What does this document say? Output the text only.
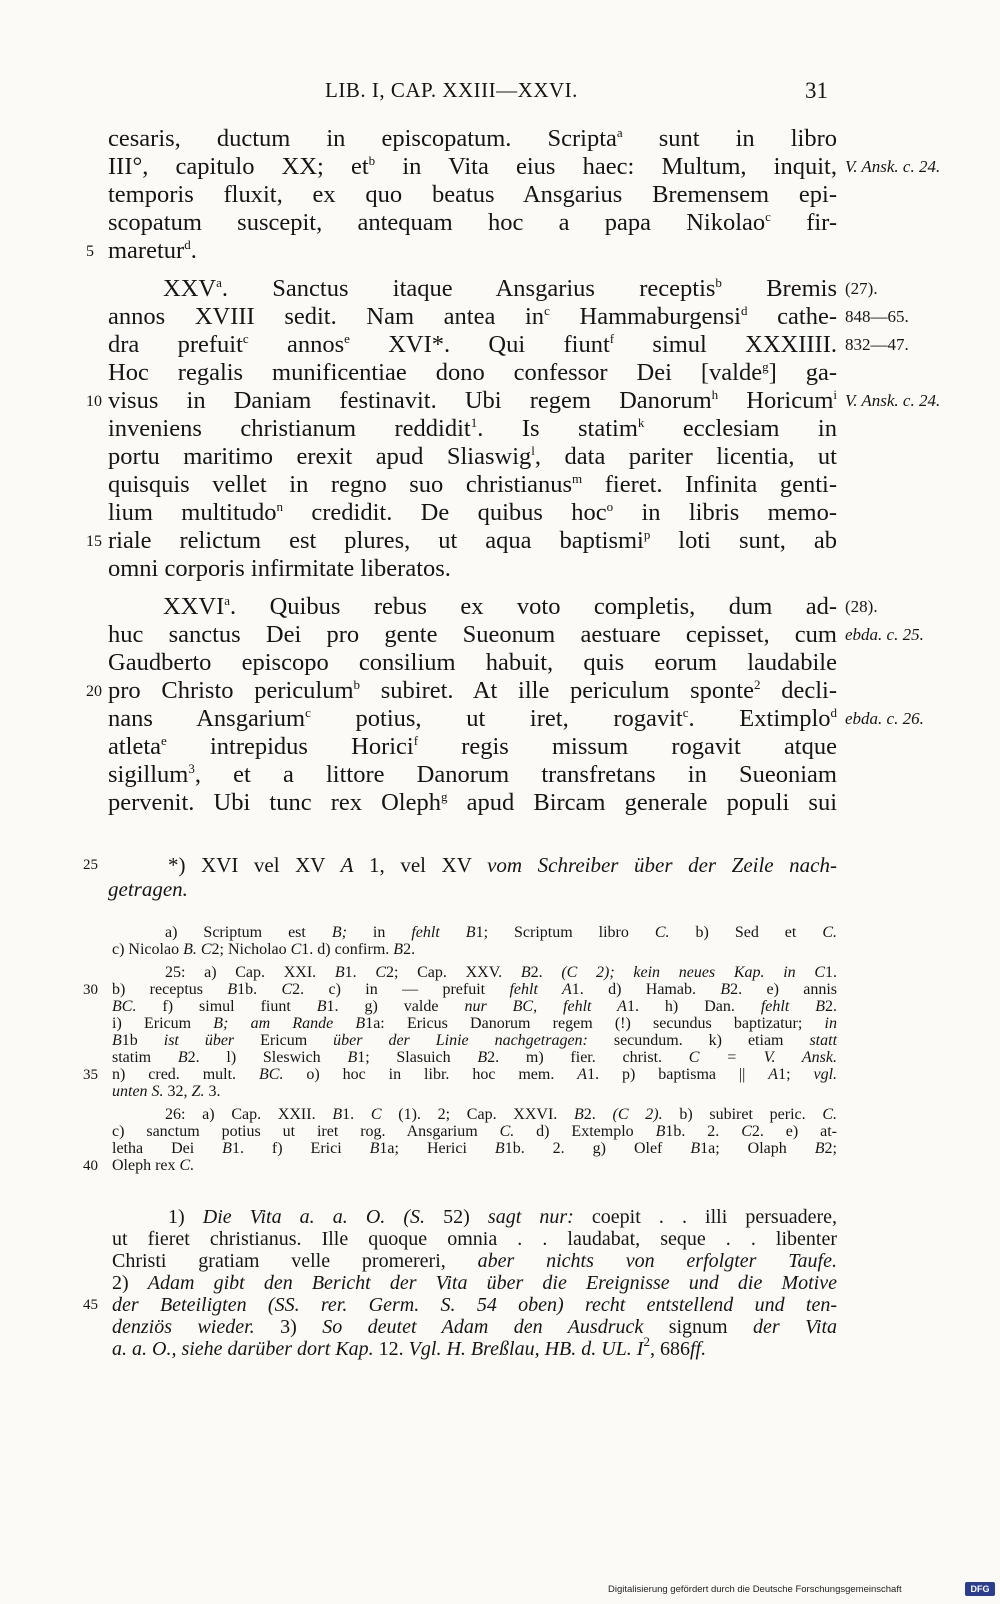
LIB. I, CAP. XXIII—XXVI.	31
cesaris, ductum in episcopatum. Scripta$^a$ sunt in libro
III°, capitulo XX; $et^b$ in Vita eius haec: Multum, inquit, V. Ansk. c. 24.
temporis fluxit, ex quo beatus Ansgarius Bremensem epi-
scopatum suscepit, antequam hoc a papa Nikolao$^c$ fir-
maretur$^d$.
5
XXV$^a$. Sanctus itaque Ansgarius receptis$^b$ Bremis (27).
annos XVIII sedit. Nam antea $in^c$ Hammaburgensi$^d$ cathe- 848—65.
dra prefuit$^c$ annos$^e$ XVI*. Qui fiunt$^f$ simul XXXIIII. 832—47.
Hoc regalis munificentiae dono confessor Dei [valde$^g$] ga-
visus in Daniam festinavit. Ubi regem Danorum$^h$ Horicum$^i$
10	V. Ansk. c. 24.
inveniens christianum reddidit$^1$. Is statim$^k$ ecclesiam in
portu maritimo erexit apud Sliaswig$^l$, data pariter licentia, ut
quisquis vellet in regno suo christianus$^m$ fieret. Infinita genti-
lium multitudo$^n$ credidit. De quibus hoc$^o$ in libris memo-
riale relictum est plures, ut aqua baptismi$^p$ loti sunt, ab
15
omni corporis infirmitate liberatos.
XXVI$^a$. Quibus rebus ex voto completis, dum ad- (28).
huc sanctus Dei pro gente Sueonum aestuare cepisset, cum ebda. c. 25.
Gaudberto episcopo consilium habuit, quis eorum laudabile
pro Christo periculum$^b$ subiret. At ille periculum sponte$^2$ decli-
20
nans Ansgarium$^c$ potius, ut iret, rogavit$^c$. Extimplo$^d$ ebda. c. 26.
atleta$^e$ intrepidus Horici$^f$ regis missum rogavit atque
sigillum$^3$, et a littore Danorum transfretans in Sueoniam
pervenit. Ubi tunc rex Oleph$^g$ apud Bircam generale populi sui
*) XVI vel XV A 1, vel XV vom Schreiber über der Zeile nach-
25
getragen.
a) Scriptum est B; in fehlt B1; Scriptum libro C. b) Sed et C.
c) Nicolao B. C2; Nicholao C1. d) confirm. B2.
25: a) Cap. XXI. B1. C2; Cap. XXV. B2. (C 2); kein neues Kap. in C1.
b) receptus B1b. C2. c) in — prefuit fehlt A1. d) Hamab. B2. e) annis
30
BC. f) simul fiunt B1. g) valde nur BC, fehlt A1. h) Dan. fehlt B2.
i) Ericum B; am Rande B1a: Ericus Danorum regem (!) secundus baptizatur; in
B1b ist über Ericum über der Linie nachgetragen: secundum. k) etiam statt
statim B2. l) Sleswich B1; Slasuich B2. m) fier. christ. C = V. Ansk.
n) cred. mult. BC. o) hoc in libr. hoc mem. A1. p) baptisma || A1; vgl.
35
unten S. 32, Z. 3.
26: a) Cap. XXII. B1. C (1). 2; Cap. XXVI. B2. (C 2). b) subiret peric. C.
c) sanctum potius ut iret rog. Ansgarium C. d) Extemplo B1b. 2. C2. e) at-
letha Dei B1. f) Erici B1a; Herici B1b. 2. g) Olef B1a; Olaph B2;
Oleph rex C.
40
1) Die Vita a. a. O. (S. 52) sagt nur: coepit . . illi persuadere,
ut fieret christianus. Ille quoque omnia . . laudabat, seque . . libenter
Christi gratiam velle promereri, aber nichts von erfolgter Taufe.
2) Adam gibt den Bericht der Vita über die Ereignisse und die Motive
der Beteiligten (SS. rer. Germ. S. 54 oben) recht entstellend und ten-
45
denziös wieder. 3) So deutet Adam den Ausdruck signum der Vita
a. a. O., siehe darüber dort Kap. 12. Vgl. H. Breßlau, HB. d. UL. $I^2$, 686ff.
Digitalisierung gefördert durch die Deutsche Forschungsgemeinschaft	DFG
